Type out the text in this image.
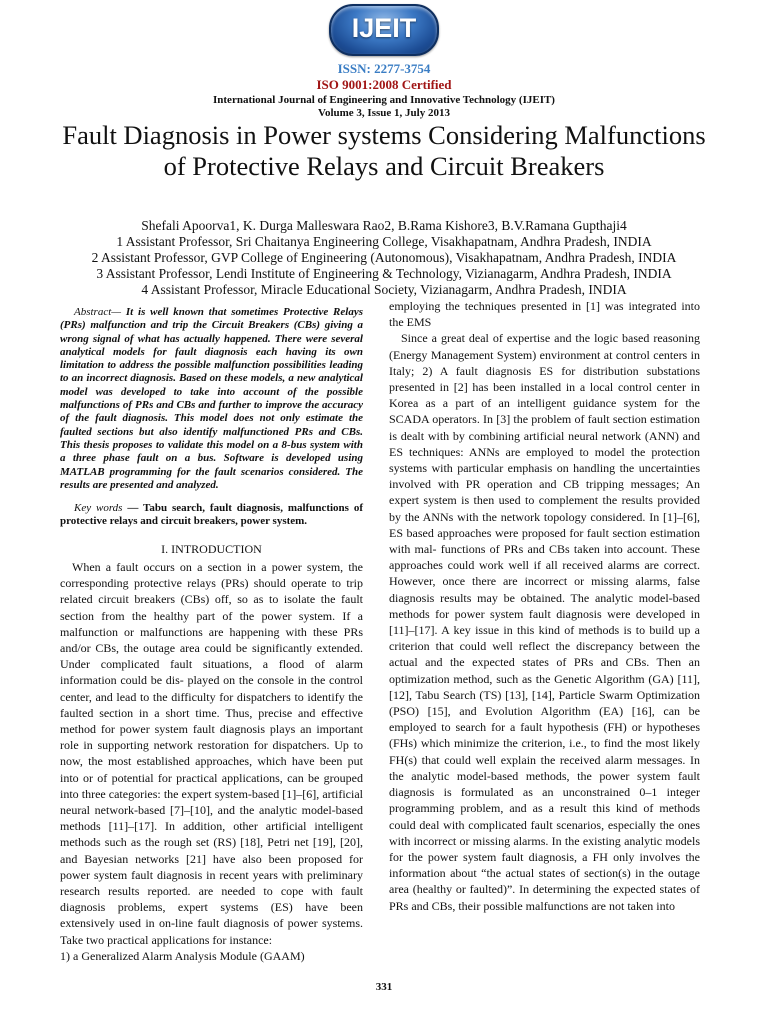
IJEIT
ISSN: 2277-3754
ISO 9001:2008 Certified
International Journal of Engineering and Innovative Technology (IJEIT)
Volume 3, Issue 1, July 2013
Fault Diagnosis in Power systems Considering Malfunctions of Protective Relays and Circuit Breakers
Shefali Apoorva1, K. Durga Malleswara Rao2, B.Rama Kishore3, B.V.Ramana Gupthaji4
1 Assistant Professor, Sri Chaitanya Engineering College, Visakhapatnam, Andhra Pradesh, INDIA
2 Assistant Professor, GVP College of Engineering (Autonomous), Visakhapatnam, Andhra Pradesh, INDIA
3 Assistant Professor, Lendi Institute of Engineering & Technology, Vizianagarm, Andhra Pradesh, INDIA
4 Assistant Professor, Miracle Educational Society, Vizianagarm, Andhra Pradesh, INDIA

Abstract— It is well known that sometimes Protective Relays (PRs) malfunction and trip the Circuit Breakers (CBs) giving a wrong signal of what has actually happened. There were several analytical models for fault diagnosis each having its own limitation to address the possible malfunction possibilities leading to an incorrect diagnosis. Based on these models, a new analytical model was developed to take into account of the possible malfunctions of PRs and CBs and further to improve the accuracy of the fault diagnosis. This model does not only estimate the faulted sections but also identify malfunctioned PRs and CBs. This thesis proposes to validate this model on a 8-bus system with a three phase fault on a bus. Software is developed using MATLAB programming for the fault scenarios considered. The results are presented and analyzed.

Key words — Tabu search, fault diagnosis, malfunctions of protective relays and circuit breakers, power system.

I. INTRODUCTION

When a fault occurs on a section in a power system, the corresponding protective relays (PRs) should operate to trip related circuit breakers (CBs) off, so as to isolate the fault section from the healthy part of the power system. If a malfunction or malfunctions are happening with these PRs and/or CBs, the outage area could be significantly extended. Under complicated fault situations, a flood of alarm information could be dis- played on the console in the control center, and lead to the difficulty for dispatchers to identify the faulted section in a short time. Thus, precise and effective method for power system fault diagnosis plays an important role in supporting network restoration for dispatchers. Up to now, the most established approaches, which have been put into or of potential for practical applications, can be grouped into three categories: the expert system-based [1]–[6], artificial neural network-based [7]–[10], and the analytic model-based methods [11]–[17]. In addition, other artificial intelligent methods such as the rough set (RS) [18], Petri net [19], [20], and Bayesian networks [21] have also been proposed for power system fault diagnosis in recent years with preliminary research results reported. are needed to cope with fault diagnosis problems, expert systems (ES) have been extensively used in on-line fault diagnosis of power systems. Take two practical applications for instance:

1) a Generalized Alarm Analysis Module (GAAM)

employing the techniques presented in [1] was integrated into the EMS

Since a great deal of expertise and the logic based reasoning (Energy Management System) environment at control centers in Italy; 2) A fault diagnosis ES for distribution substations presented in [2] has been installed in a local control center in Korea as a part of an intelligent guidance system for the SCADA operators. In [3] the problem of fault section estimation is dealt with by combining artificial neural network (ANN) and ES techniques: ANNs are employed to model the protection systems with particular emphasis on handling the uncertainties involved with PR operation and CB tripping messages; An expert system is then used to complement the results provided by the ANNs with the network topology considered. In [1]–[6], ES based approaches were proposed for fault section estimation with mal- functions of PRs and CBs taken into account. These approaches could work well if all received alarms are correct. However, once there are incorrect or missing alarms, false diagnosis results may be obtained. The analytic model-based methods for power system fault diagnosis were developed in [11]–[17]. A key issue in this kind of methods is to build up a criterion that could well reflect the discrepancy between the actual and the expected states of PRs and CBs. Then an optimization method, such as the Genetic Algorithm (GA) [11], [12], Tabu Search (TS) [13], [14], Particle Swarm Optimization (PSO) [15], and Evolution Algorithm (EA) [16], can be employed to search for a fault hypothesis (FH) or hypotheses (FHs) which minimize the criterion, i.e., to find the most likely FH(s) that could well explain the received alarm messages. In the analytic model-based methods, the power system fault diagnosis is formulated as an unconstrained 0–1 integer programming problem, and as a result this kind of methods could deal with complicated fault scenarios, especially the ones with incorrect or missing alarms. In the existing analytic models for the power system fault diagnosis, a FH only involves the information about “the actual states of section(s) in the outage area (healthy or faulted)”. In determining the expected states of PRs and CBs, their possible malfunctions are not taken into

331
